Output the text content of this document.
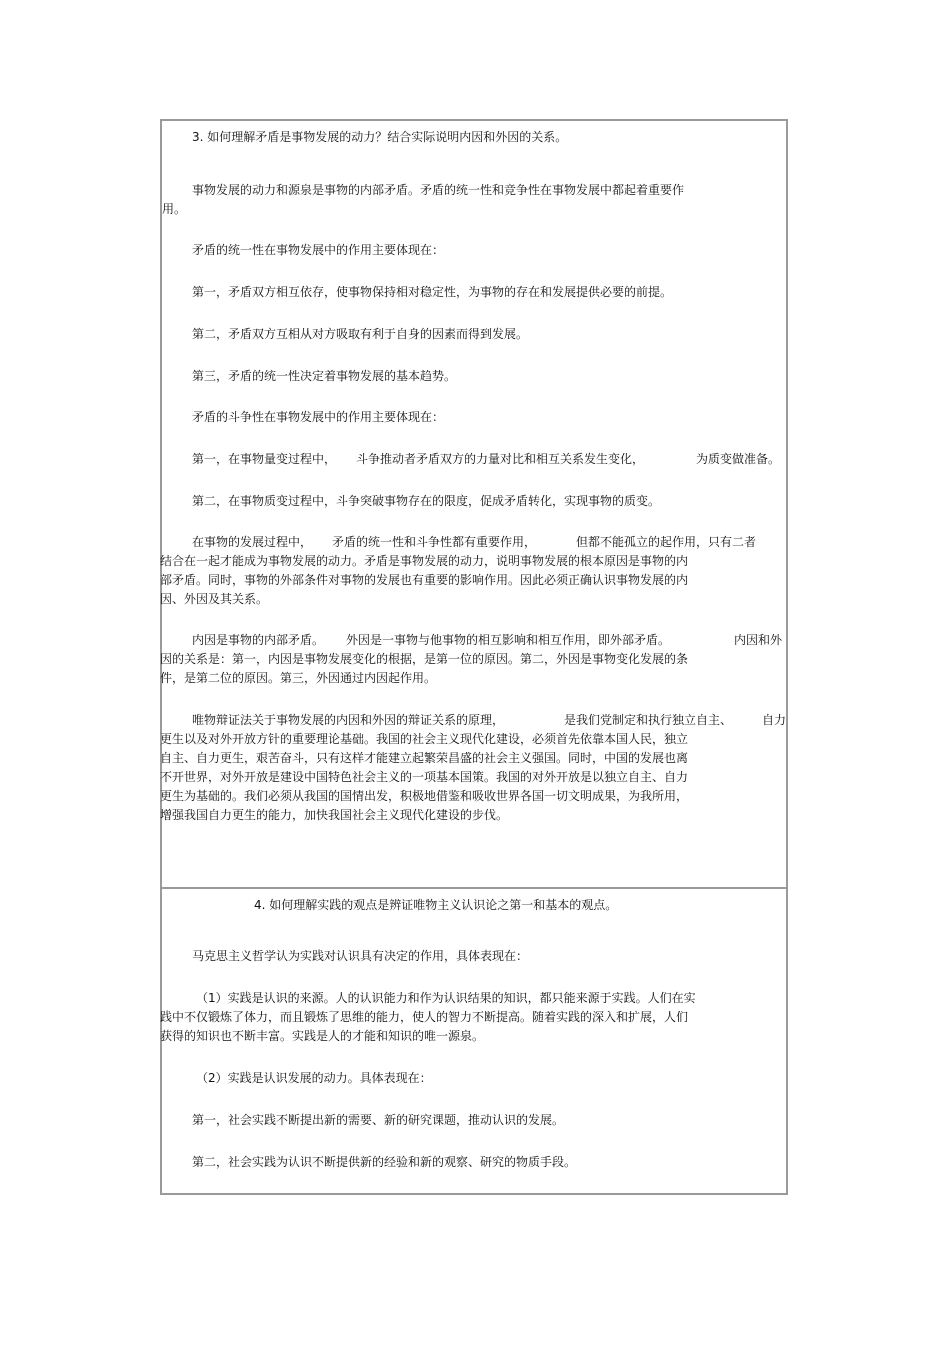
3. 如何理解矛盾是事物发展的动力？结合实际说明内因和外因的关系。

事物发展的动力和源泉是事物的内部矛盾。矛盾的统一性和竞争性在事物发展中都起着重要作

用。

矛盾的统一性在事物发展中的作用主要体现在：

第一，矛盾双方相互依存，使事物保持相对稳定性，为事物的存在和发展提供必要的前提。

第二，矛盾双方互相从对方吸取有利于自身的因素而得到发展。

第三，矛盾的统一性决定着事物发展的基本趋势。

矛盾的斗争性在事物发展中的作用主要体现在：

第一，在事物量变过程中， 斗争推动者矛盾双方的力量对比和相互关系发生变化，	为质变做准备。

第二，在事物质变过程中，斗争突破事物存在的限度，促成矛盾转化，实现事物的质变。

在事物的发展过程中， 矛盾的统一性和斗争性都有重要作用，	但都不能孤立的起作用，只有二者

结合在一起才能成为事物发展的动力。矛盾是事物发展的动力，说明事物发展的根本原因是事物的内

部矛盾。同时，事物的外部条件对事物的发展也有重要的影响作用。因此必须正确认识事物发展的内

因、外因及其关系。

内因是事物的内部矛盾。 外因是一事物与他事物的相互影响和相互作用，即外部矛盾。	内因和外

因的关系是：第一，内因是事物发展变化的根据，是第一位的原因。第二，外因是事物变化发展的条

件，是第二位的原因。第三，外因通过内因起作用。

唯物辩证法关于事物发展的内因和外因的辩证关系的原理，	是我们党制定和执行独立自主、 自力

更生以及对外开放方针的重要理论基础。我国的社会主义现代化建设，必须首先依靠本国人民，独立

自主、自力更生，艰苦奋斗，只有这样才能建立起繁荣昌盛的社会主义强国。同时，中国的发展也离

不开世界，对外开放是建设中国特色社会主义的一项基本国策。我国的对外开放是以独立自主、自力

更生为基础的。我们必须从我国的国情出发，积极地借鉴和吸收世界各国一切文明成果，为我所用，

增强我国自力更生的能力，加快我国社会主义现代化建设的步伐。

4. 如何理解实践的观点是辨证唯物主义认识论之第一和基本的观点。

马克思主义哲学认为实践对认识具有决定的作用，具体表现在：

（1）实践是认识的来源。人的认识能力和作为认识结果的知识，都只能来源于实践。人们在实

践中不仅锻炼了体力，而且锻炼了思维的能力，使人的智力不断提高。随着实践的深入和扩展，人们

获得的知识也不断丰富。实践是人的才能和知识的唯一源泉。

（2）实践是认识发展的动力。具体表现在：

第一，社会实践不断提出新的需要、新的研究课题，推动认识的发展。

第二，社会实践为认识不断提供新的经验和新的观察、研究的物质手段。
